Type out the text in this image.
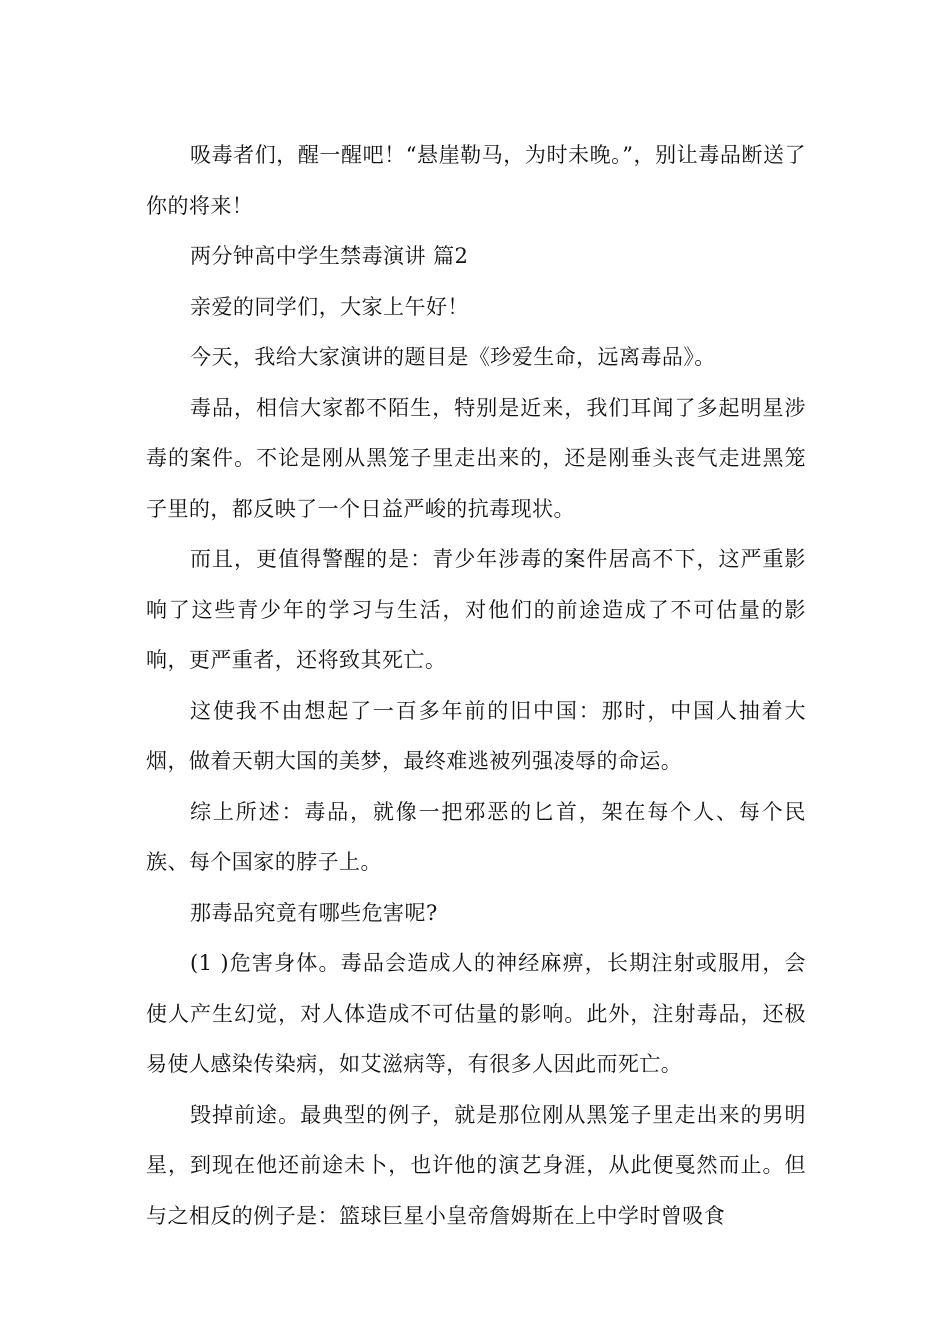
吸毒者们，醒一醒吧！“悬崖勒马，为时未晚。”，别让毒品断送了你的将来！

两分钟高中学生禁毒演讲 篇2

亲爱的同学们，大家上午好！

今天，我给大家演讲的题目是《珍爱生命，远离毒品》。

毒品，相信大家都不陌生，特别是近来，我们耳闻了多起明星涉毒的案件。不论是刚从黑笼子里走出来的，还是刚垂头丧气走进黑笼子里的，都反映了一个日益严峻的抗毒现状。

而且，更值得警醒的是：青少年涉毒的案件居高不下，这严重影响了这些青少年的学习与生活，对他们的前途造成了不可估量的影响，更严重者，还将致其死亡。

这使我不由想起了一百多年前的旧中国：那时，中国人抽着大烟，做着天朝大国的美梦，最终难逃被列强凌辱的命运。

综上所述：毒品，就像一把邪恶的匕首，架在每个人、每个民族、每个国家的脖子上。

那毒品究竟有哪些危害呢?

(1 )危害身体。毒品会造成人的神经麻痹，长期注射或服用，会使人产生幻觉，对人体造成不可估量的影响。此外，注射毒品，还极易使人感染传染病，如艾滋病等，有很多人因此而死亡。

毁掉前途。最典型的例子，就是那位刚从黑笼子里走出来的男明星，到现在他还前途未卜，也许他的演艺身涯，从此便戛然而止。但与之相反的例子是：篮球巨星小皇帝詹姆斯在上中学时曾吸食
